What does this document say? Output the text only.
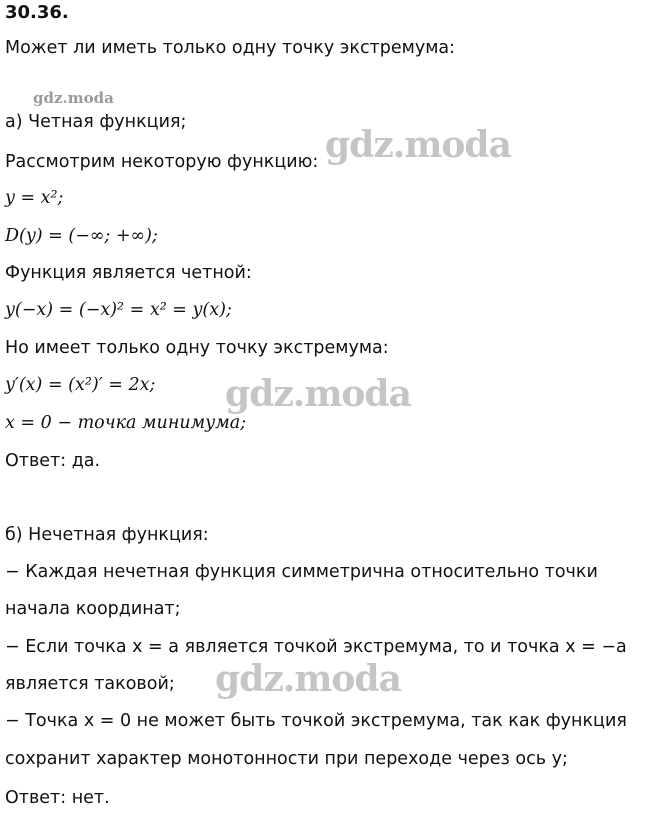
30.36.
Может ли иметь только одну точку экстремума:
gdz.moda
а) Четная функция;
Рассмотрим некоторую функцию:
y = x²;
D(y) = (−∞; +∞);
Функция является четной:
y(−x) = (−x)² = x² = y(x);
Но имеет только одну точку экстремума:
y′(x) = (x²)′ = 2x;
x = 0 − точка минимума;
Ответ: да.
б) Нечетная функция:
− Каждая нечетная функция симметрична относительно точки
начала координат;
− Если точка x = a является точкой экстремума, то и точка x = −a
является таковой;
− Точка x = 0 не может быть точкой экстремума, так как функция
сохранит характер монотонности при переходе через ось y;
Ответ: нет.
gdz.moda
gdz.moda
gdz.moda
